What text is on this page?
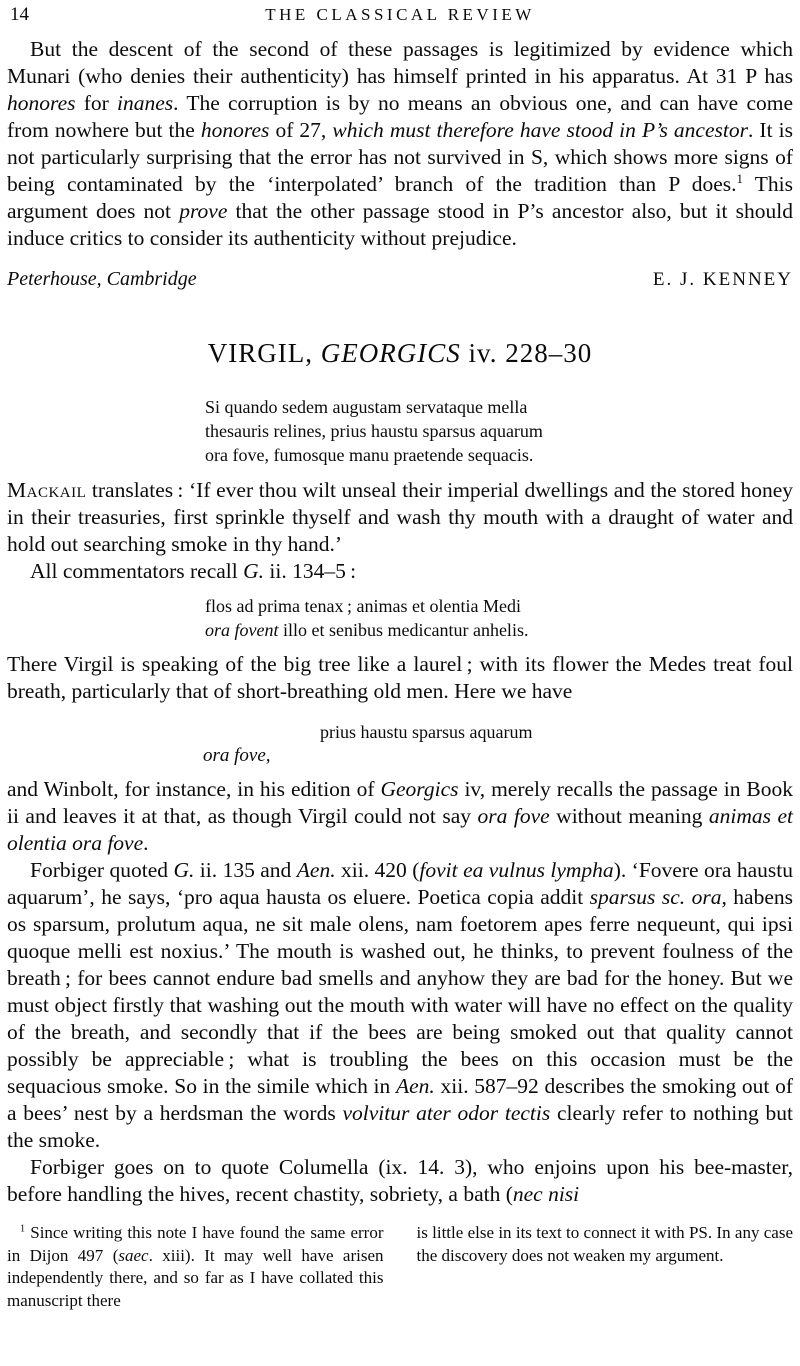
14	THE CLASSICAL REVIEW

But the descent of the second of these passages is legitimized by evidence which Munari (who denies their authenticity) has himself printed in his apparatus. At 31 P has honores for inanes. The corruption is by no means an obvious one, and can have come from nowhere but the honores of 27, which must therefore have stood in P’s ancestor. It is not particularly surprising that the error has not survived in S, which shows more signs of being contaminated by the ‘interpolated’ branch of the tradition than P does.$^1$ This argument does not prove that the other passage stood in P’s ancestor also, but it should induce critics to consider its authenticity without prejudice.

Peterhouse, Cambridge	E. J. KENNEY
VIRGIL, GEORGICS iv. 228–30
Si quando sedem augustam servataque mella
thesauris relines, prius haustu sparsus aquarum
ora fove, fumosque manu praetende sequacis.

Mackail translates : ‘If ever thou wilt unseal their imperial dwellings and the stored honey in their treasuries, first sprinkle thyself and wash thy mouth with a draught of water and hold out searching smoke in thy hand.’

All commentators recall G. ii. 134–5 :

flos ad prima tenax ; animas et olentia Medi
ora fovent illo et senibus medicantur anhelis.

There Virgil is speaking of the big tree like a laurel ; with its flower the Medes treat foul breath, particularly that of short-breathing old men. Here we have

prius haustu sparsus aquarum
ora fove,

and Winbolt, for instance, in his edition of Georgics iv, merely recalls the passage in Book ii and leaves it at that, as though Virgil could not say ora fove without meaning animas et olentia ora fove.

Forbiger quoted G. ii. 135 and Aen. xii. 420 (fovit ea vulnus lympha). ‘Fovere ora haustu aquarum’, he says, ‘pro aqua hausta os eluere. Poetica copia addit sparsus sc. ora, habens os sparsum, prolutum aqua, ne sit male olens, nam foetorem apes ferre nequeunt, qui ipsi quoque melli est noxius.’ The mouth is washed out, he thinks, to prevent foulness of the breath ; for bees cannot endure bad smells and anyhow they are bad for the honey. But we must object firstly that washing out the mouth with water will have no effect on the quality of the breath, and secondly that if the bees are being smoked out that quality cannot possibly be appreciable ; what is troubling the bees on this occasion must be the sequacious smoke. So in the simile which in Aen. xii. 587–92 describes the smoking out of a bees’ nest by a herdsman the words volvitur ater odor tectis clearly refer to nothing but the smoke.

Forbiger goes on to quote Columella (ix. 14. 3), who enjoins upon his bee-master, before handling the hives, recent chastity, sobriety, a bath (nec nisi

$^1$ Since writing this note I have found the same error in Dijon 497 (saec. xiii). It may well have arisen independently there, and so far as I have collated this manuscript there

is little else in its text to connect it with PS. In any case the discovery does not weaken my argument.
